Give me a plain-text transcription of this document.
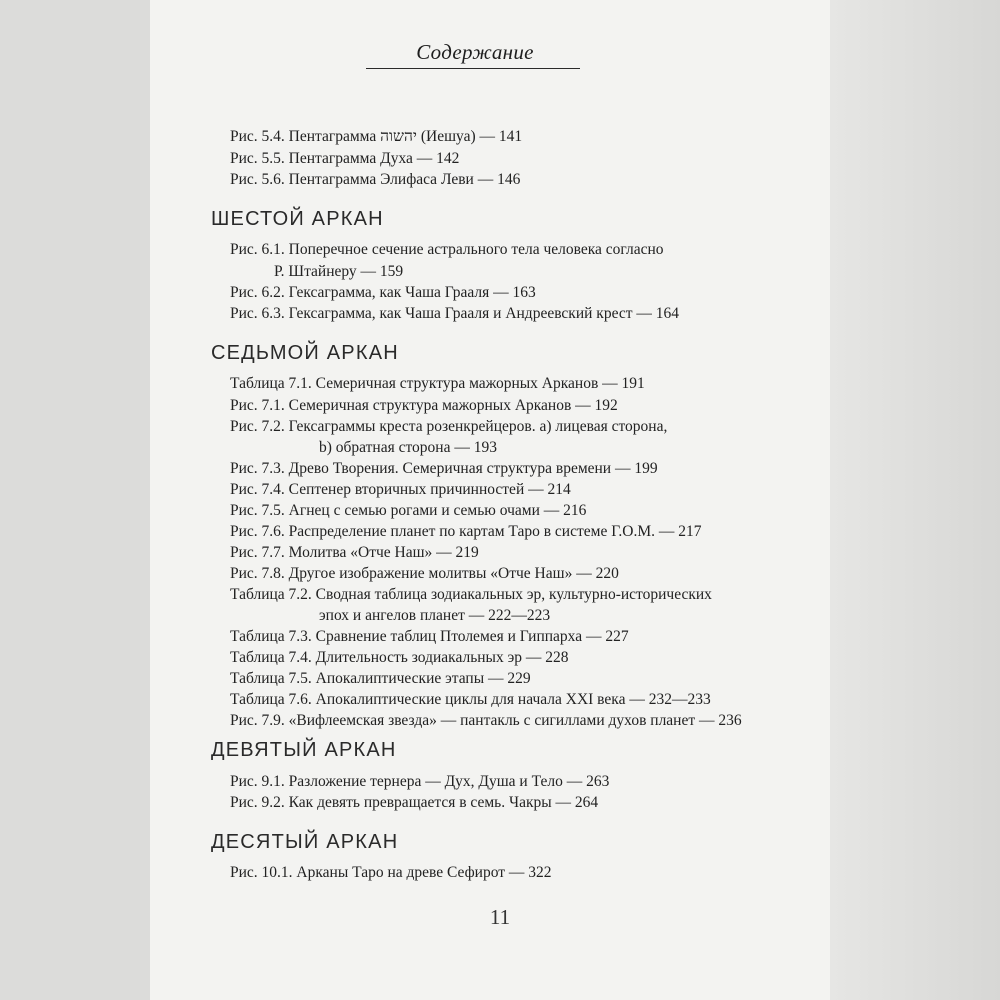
Содержание
Рис. 5.4. Пентаграмма יהשוה (Иешуа) — 141
Рис. 5.5. Пентаграмма Духа — 142
Рис. 5.6. Пентаграмма Элифаса Леви — 146
ШЕСТОЙ АРКАН
Рис. 6.1. Поперечное сечение астрального тела человека согласно
Р. Штайнеру — 159
Рис. 6.2. Гексаграмма, как Чаша Грааля — 163
Рис. 6.3. Гексаграмма, как Чаша Грааля и Андреевский крест — 164
СЕДЬМОЙ АРКАН
Таблица 7.1. Семеричная структура мажорных Арканов — 191
Рис. 7.1. Семеричная структура мажорных Арканов — 192
Рис. 7.2. Гексаграммы креста розенкрейцеров. а) лицевая сторона,
b) обратная сторона — 193
Рис. 7.3. Древо Творения. Семеричная структура времени — 199
Рис. 7.4. Септенер вторичных причинностей — 214
Рис. 7.5. Агнец с семью рогами и семью очами — 216
Рис. 7.6. Распределение планет по картам Таро в системе Г.О.М. — 217
Рис. 7.7. Молитва «Отче Наш» — 219
Рис. 7.8. Другое изображение молитвы «Отче Наш» — 220
Таблица 7.2. Сводная таблица зодиакальных эр, культурно-исторических
эпох и ангелов планет — 222—223
Таблица 7.3. Сравнение таблиц Птолемея и Гиппарха — 227
Таблица 7.4. Длительность зодиакальных эр — 228
Таблица 7.5. Апокалиптические этапы — 229
Таблица 7.6. Апокалиптические циклы для начала XXI века — 232—233
Рис. 7.9. «Вифлеемская звезда» — пантакль с сигиллами духов планет — 236
ДЕВЯТЫЙ АРКАН
Рис. 9.1. Разложение тернера — Дух, Душа и Тело — 263
Рис. 9.2. Как девять превращается в семь. Чакры — 264
ДЕСЯТЫЙ АРКАН
Рис. 10.1. Арканы Таро на древе Сефирот — 322
11
